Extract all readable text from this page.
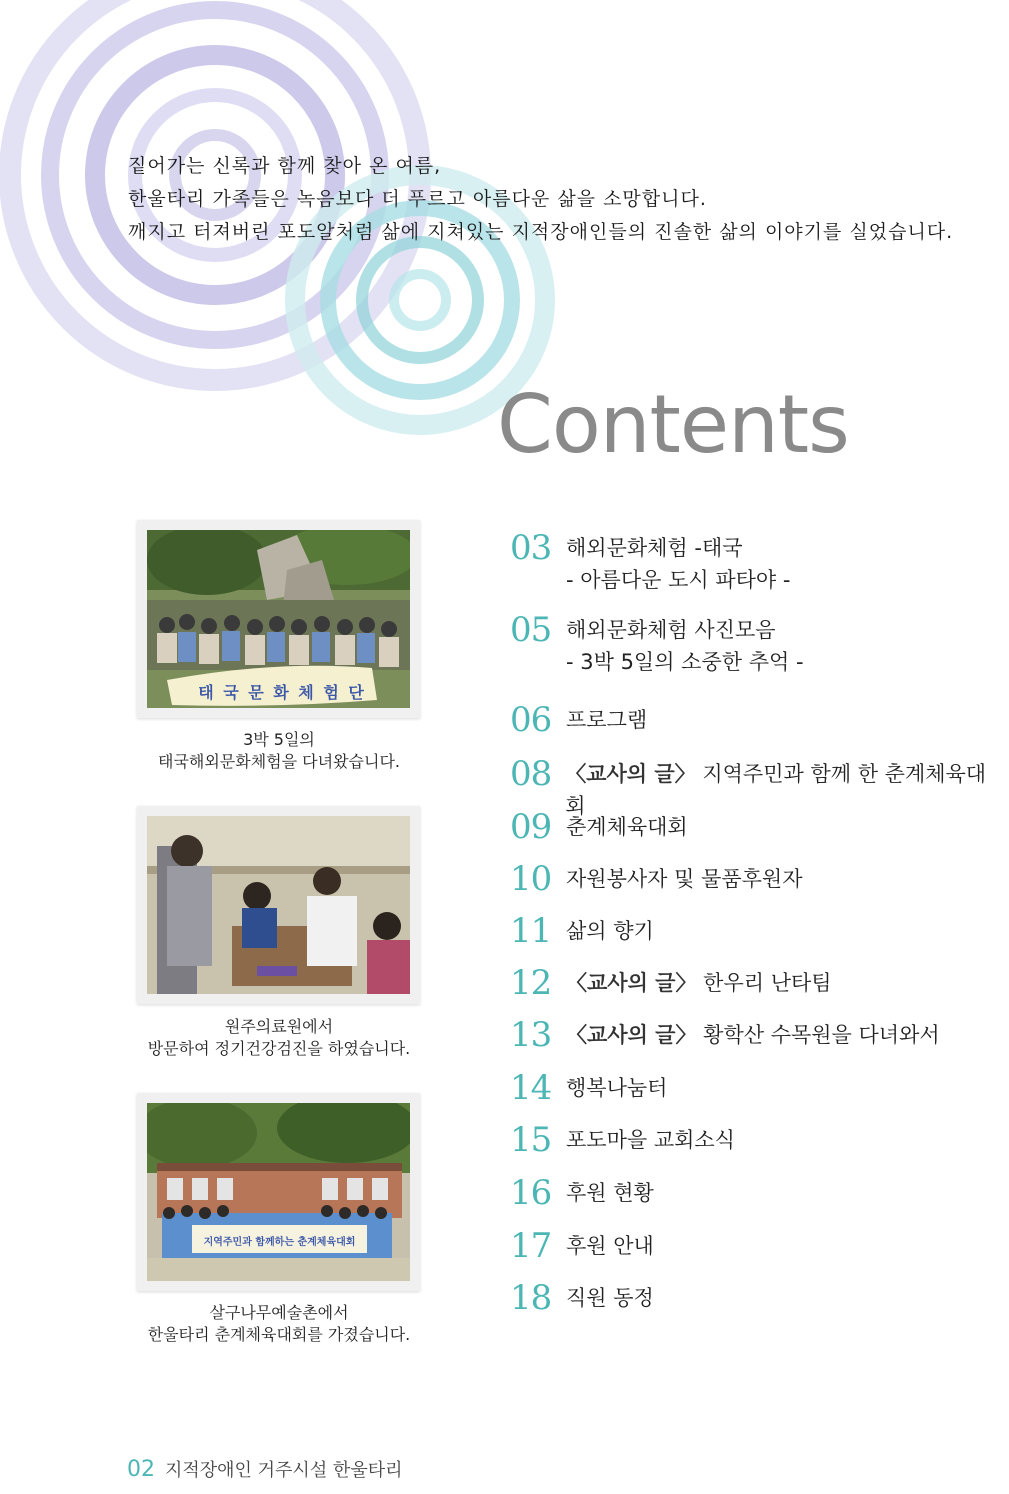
짙어가는 신록과 함께 찾아 온 여름,
한울타리 가족들은 녹음보다 더 푸르고 아름다운 삶을 소망합니다.
깨지고 터져버린 포도알처럼 삶에 지쳐있는 지적장애인들의 진솔한 삶의 이야기를 실었습니다.
Contents
03 해외문화체험 -태국
- 아름다운 도시 파타야 -
05 해외문화체험 사진모음
- 3박 5일의 소중한 추억 -
06 프로그램
08 〈교사의 글〉 지역주민과 함께 한 춘계체육대회
09 춘계체육대회
10 자원봉사자 및 물품후원자
11 삶의 향기
12 〈교사의 글〉 한우리 난타팀
13 〈교사의 글〉 황학산 수목원을 다녀와서
14 행복나눔터
15 포도마을 교회소식
16 후원 현황
17 후원 안내
18 직원 동정
태 국 문 화 체 험 단
3박 5일의
태국해외문화체험을 다녀왔습니다.
원주의료원에서
방문하여 정기건강검진을 하였습니다.
지역주민과 함께하는 춘계체육대회
살구나무예술촌에서
한울타리 춘계체육대회를 가졌습니다.
02 지적장애인 거주시설 한울타리
